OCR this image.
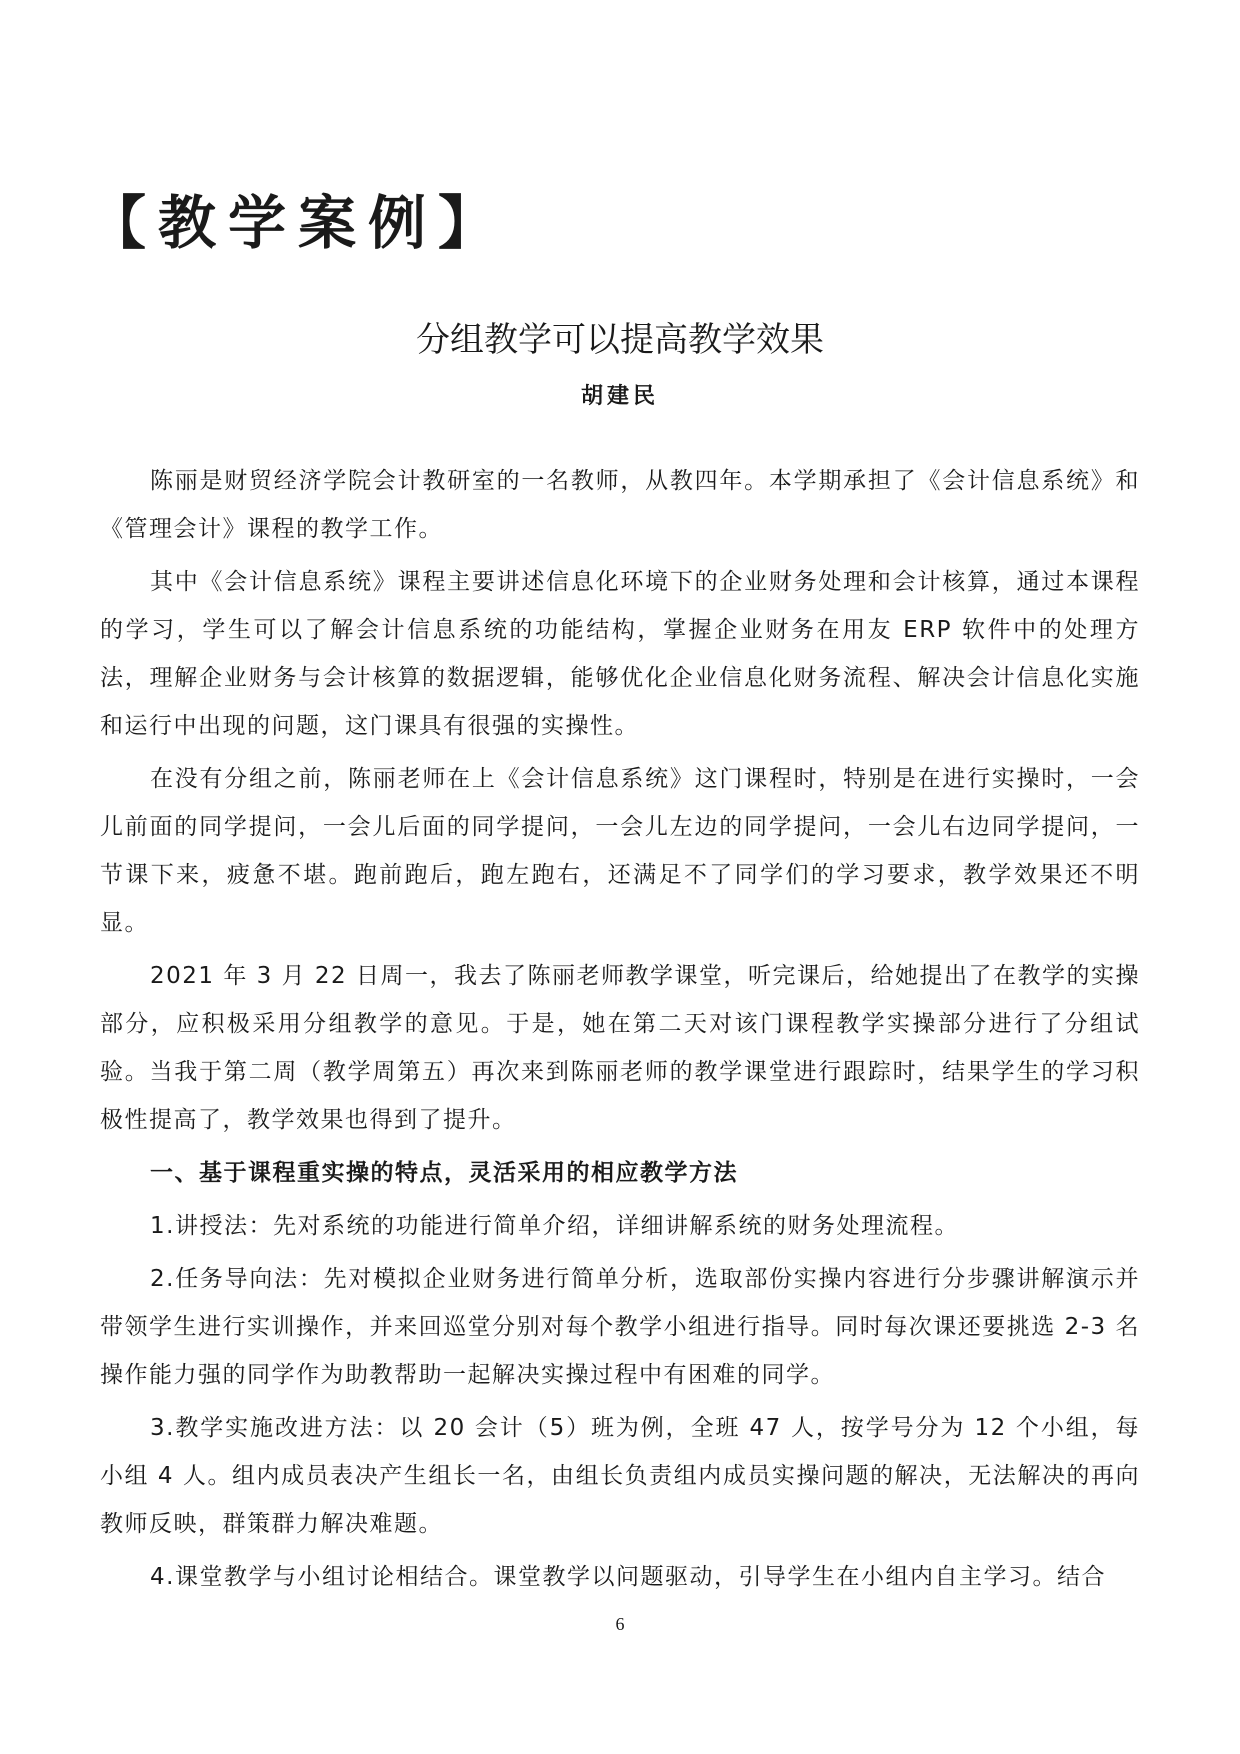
【教学案例】
分组教学可以提高教学效果
胡建民

陈丽是财贸经济学院会计教研室的一名教师，从教四年。本学期承担了《会计信息系统》和《管理会计》课程的教学工作。

其中《会计信息系统》课程主要讲述信息化环境下的企业财务处理和会计核算，通过本课程的学习，学生可以了解会计信息系统的功能结构，掌握企业财务在用友 ERP 软件中的处理方法，理解企业财务与会计核算的数据逻辑，能够优化企业信息化财务流程、解决会计信息化实施和运行中出现的问题，这门课具有很强的实操性。

在没有分组之前，陈丽老师在上《会计信息系统》这门课程时，特别是在进行实操时，一会儿前面的同学提问，一会儿后面的同学提问，一会儿左边的同学提问，一会儿右边同学提问，一节课下来，疲惫不堪。跑前跑后，跑左跑右，还满足不了同学们的学习要求，教学效果还不明显。

2021 年 3 月 22 日周一，我去了陈丽老师教学课堂，听完课后，给她提出了在教学的实操部分，应积极采用分组教学的意见。于是，她在第二天对该门课程教学实操部分进行了分组试验。当我于第二周（教学周第五）再次来到陈丽老师的教学课堂进行跟踪时，结果学生的学习积极性提高了，教学效果也得到了提升。

一、基于课程重实操的特点，灵活采用的相应教学方法

1.讲授法：先对系统的功能进行简单介绍，详细讲解系统的财务处理流程。

2.任务导向法：先对模拟企业财务进行简单分析，选取部份实操内容进行分步骤讲解演示并带领学生进行实训操作，并来回巡堂分别对每个教学小组进行指导。同时每次课还要挑选 2-3 名操作能力强的同学作为助教帮助一起解决实操过程中有困难的同学。

3.教学实施改进方法：以 20 会计（5）班为例，全班 47 人，按学号分为 12 个小组，每小组 4 人。组内成员表决产生组长一名，由组长负责组内成员实操问题的解决，无法解决的再向教师反映，群策群力解决难题。

4.课堂教学与小组讨论相结合。课堂教学以问题驱动，引导学生在小组内自主学习。结合

6
